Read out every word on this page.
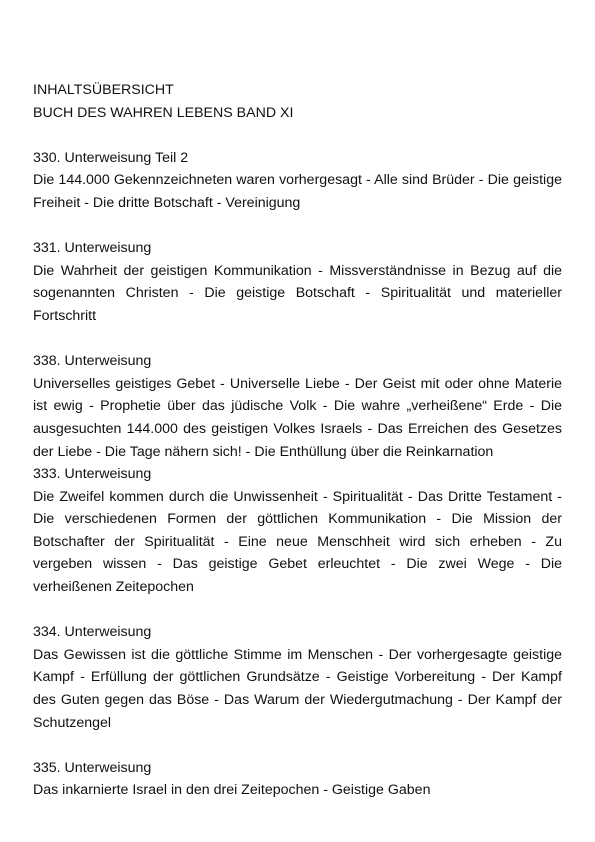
INHALTSÜBERSICHT

BUCH DES WAHREN LEBENS BAND XI

330. Unterweisung Teil 2

Die 144.000 Gekennzeichneten waren vorhergesagt - Alle sind Brüder - Die geistige Freiheit - Die dritte Botschaft - Vereinigung

331. Unterweisung

Die Wahrheit der geistigen Kommunikation - Missverständnisse in Bezug auf die sogenannten Christen - Die geistige Botschaft - Spiritualität und materieller Fortschritt

338. Unterweisung

Universelles geistiges Gebet - Universelle Liebe - Der Geist mit oder ohne Materie ist ewig - Prophetie über das jüdische Volk - Die wahre „verheißene“ Erde - Die ausgesuchten 144.000 des geistigen Volkes Israels - Das Erreichen des Gesetzes der Liebe - Die Tage nähern sich! - Die Enthüllung über die Reinkarnation

333. Unterweisung

Die Zweifel kommen durch die Unwissenheit - Spiritualität - Das Dritte Testament - Die verschiedenen Formen der göttlichen Kommunikation - Die Mission der Botschafter der Spiritualität - Eine neue Menschheit wird sich erheben - Zu vergeben wissen - Das geistige Gebet erleuchtet - Die zwei Wege - Die verheißenen Zeitepochen

334. Unterweisung

Das Gewissen ist die göttliche Stimme im Menschen - Der vorhergesagte geistige Kampf - Erfüllung der göttlichen Grundsätze - Geistige Vorbereitung - Der Kampf des Guten gegen das Böse - Das Warum der Wiedergutmachung - Der Kampf der Schutzengel

335. Unterweisung

Das inkarnierte Israel in den drei Zeitepochen - Geistige Gaben
